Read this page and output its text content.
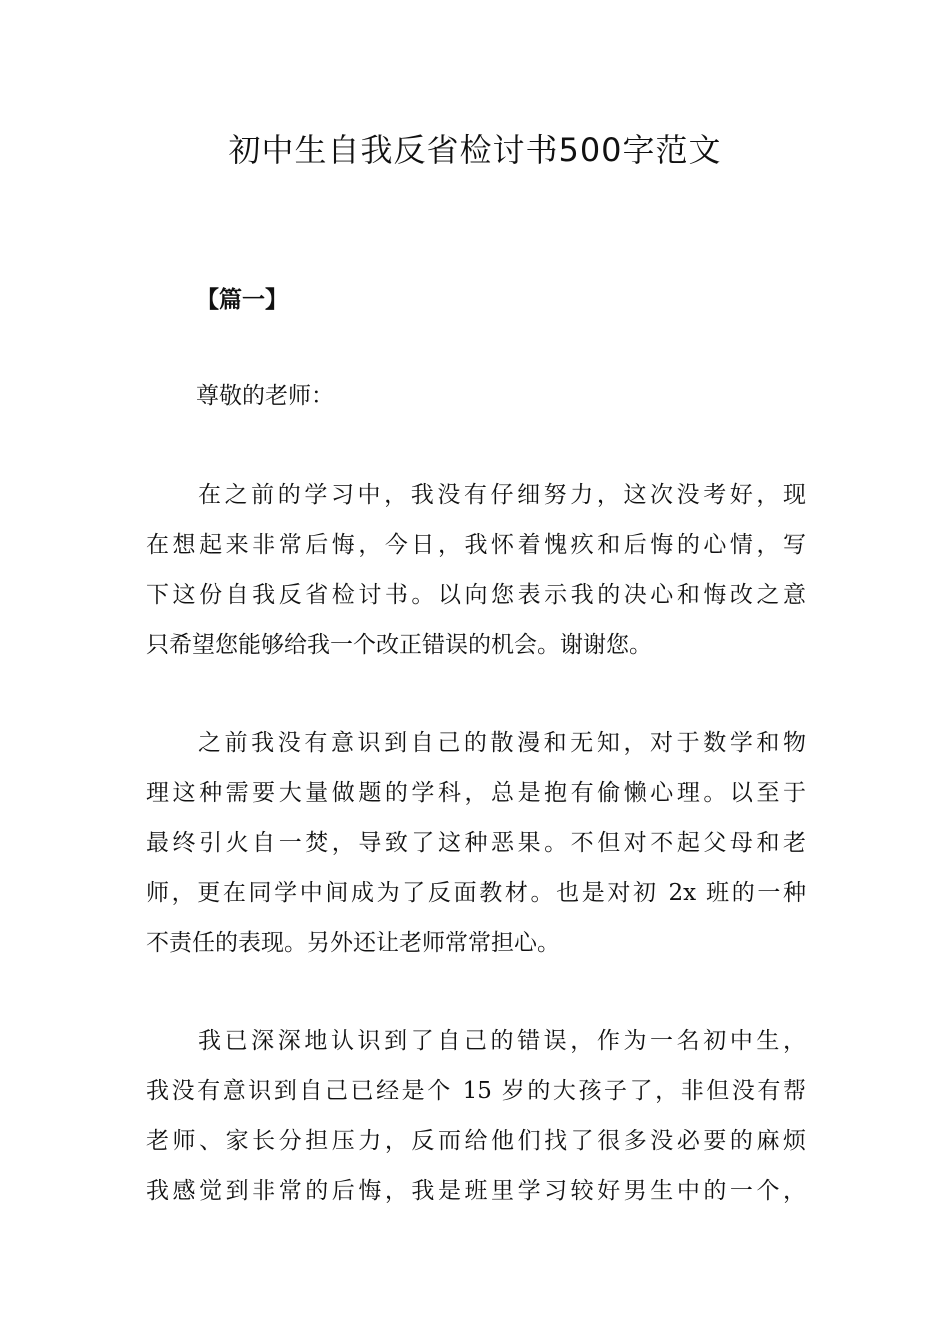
初中生自我反省检讨书500字范文
【篇一】
尊敬的老师：
在之前的学习中，我没有仔细努力，这次没考好，现
在想起来非常后悔，今日，我怀着愧疚和后悔的心情，写
下这份自我反省检讨书。以向您表示我的决心和悔改之意
只希望您能够给我一个改正错误的机会。谢谢您。
之前我没有意识到自己的散漫和无知，对于数学和物
理这种需要大量做题的学科，总是抱有偷懒心理。以至于
最终引火自一焚，导致了这种恶果。不但对不起父母和老
师，更在同学中间成为了反面教材。也是对初 2x 班的一种
不责任的表现。另外还让老师常常担心。
我已深深地认识到了自己的错误，作为一名初中生，
我没有意识到自己已经是个 15 岁的大孩子了，非但没有帮
老师、家长分担压力，反而给他们找了很多没必要的麻烦
我感觉到非常的后悔，我是班里学习较好男生中的一个，
